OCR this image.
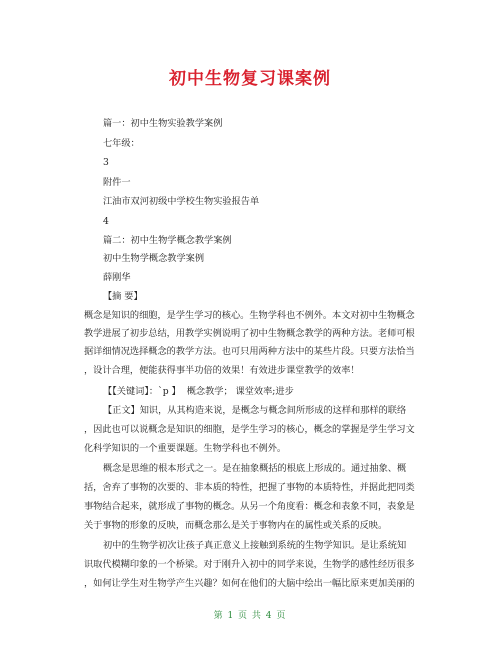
初中生物复习课案例
篇一：初中生物实验教学案例
七年级：
3
附件一
江油市双河初级中学校生物实验报告单
4
篇二：初中生物学概念教学案例
初中生物学概念教学案例
薛刚华
【摘 要】
概念是知识的细胞，是学生学习的核心。生物学科也不例外。本文对初中生物概念
教学进展了初步总结，用教学实例说明了初中生物概念教学的两种方法。老师可根
据详细情况选择概念的教学方法。也可只用两种方法中的某些片段。只要方法恰当
，设计合理，便能获得事半功倍的效果！有效进步课堂教学的效率！
【【关键词】：`p 】 概念教学； 课堂效率;进步
【正文】知识，从其构造来说，是概念与概念间所形成的这样和那样的联络
，因此也可以说概念是知识的细胞，是学生学习的核心，概念的掌握是学生学习文
化科学知识的一个重要课题。生物学科也不例外。
概念是思维的根本形式之一。是在抽象概括的根底上形成的。通过抽象、概
括，舍弃了事物的次要的、非本质的特性，把握了事物的本质特性，并据此把同类
事物结合起来，就形成了事物的概念。从另一个角度看：概念和表象不同，表象是
关于事物的形象的反映，而概念那么是关于事物内在的属性或关系的反映。
初中的生物学初次让孩子真正意义上接触到系统的生物学知识。是让系统知
识取代模糊印象的一个桥梁。对于刚升入初中的同学来说，生物学的感性经历很多
，如何让学生对生物学产生兴趣？如何在他们的大脑中绘出一幅比原来更加美丽的
第 1 页 共 4 页
